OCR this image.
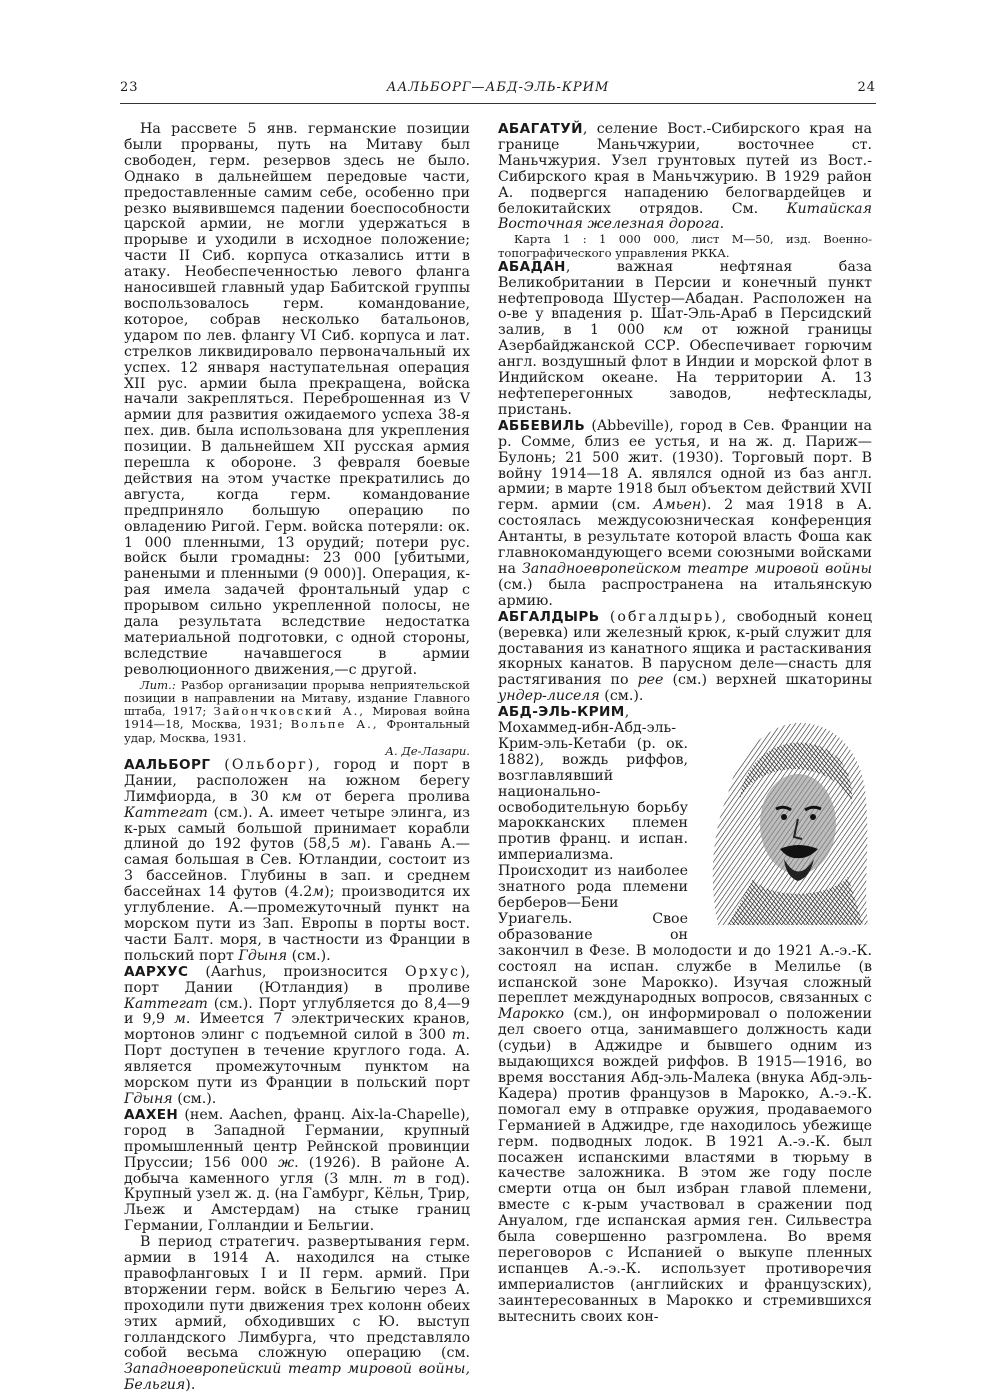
23	ААЛЬБОРГ—АБД-ЭЛЬ-КРИМ	24

На рассвете 5 янв. германские позиции были прорваны, путь на Митаву был свободен, герм. резервов здесь не было. Однако в дальнейшем передовые части, предоставленные самим себе, особенно при резко выявившемся падении боеспособности царской армии, не могли удержаться в прорыве и уходили в исходное положение; части II Сиб. корпуса отказались итти в атаку. Необеспеченностью левого фланга наносившей главный удар Бабитской группы воспользовалось герм. командование, которое, собрав несколько батальонов, ударом по лев. флангу VI Сиб. корпуса и лат. стрелков ликвидировало первоначальный их успех. 12 января наступательная операция XII рус. армии была прекращена, войска начали закрепляться. Переброшенная из V армии для развития ожидаемого успеха 38-я пех. див. была использована для укрепления позиции. В дальнейшем XII русская армия перешла к обороне. 3 февраля боевые действия на этом участке прекратились до августа, когда герм. командование предприняло большую операцию по овладению Ригой. Герм. войска потеряли: ок. 1 000 пленными, 13 орудий; потери рус. войск были громадны: 23 000 [убитыми, ранеными и пленными (9 000)]. Операция, к-рая имела задачей фронтальный удар с прорывом сильно укрепленной полосы, не дала результата вследствие недостатка материальной подготовки, с одной стороны, вследствие начавшегося в армии революционного движения,—с другой.

Лит.: Разбор организации прорыва неприятельской позиции в направлении на Митаву, издание Главного штаба, 1917; Зайончковский А., Мировая война 1914—18, Москва, 1931; Вольпе А., Фронтальный удар, Москва, 1931.

А. Де-Лазари.

ААЛЬБОРГ (Ольборг), город и порт в Дании, расположен на южном берегу Лимфиорда, в 30 км от берега пролива Каттегат (см.). А. имеет четыре элинга, из к-рых самый большой принимает корабли длиной до 192 футов (58,5 м). Гавань А.—самая большая в Сев. Ютландии, состоит из 3 бассейнов. Глубины в зап. и среднем бассейнах 14 футов (4.2м); производится их углубление. А.—промежуточный пункт на морском пути из Зап. Европы в порты вост. части Балт. моря, в частности из Франции в польский порт Гдыня (см.).

ААРХУС (Aarhus, произносится Орхус), порт Дании (Ютландия) в проливе Каттегат (см.). Порт углубляется до 8,4—9 и 9,9 м. Имеется 7 электрических кранов, мортонов элинг с подъемной силой в 300 т. Порт доступен в течение круглого года. А. является промежуточным пунктом на морском пути из Франции в польский порт Гдыня (см.).

ААХЕН (нем. Aachen, франц. Aix-la-Chapelle), город в Западной Германии, крупный промышленный центр Рейнской провинции Пруссии; 156 000 ж. (1926). В районе А. добыча каменного угля (3 млн. т в год). Крупный узел ж. д. (на Гамбург, Кёльн, Трир, Льеж и Амстердам) на стыке границ Германии, Голландии и Бельгии.

В период стратегич. развертывания герм. армии в 1914 А. находился на стыке правофланговых I и II герм. армий. При вторжении герм. войск в Бельгию через А. проходили пути движения трех колонн обеих этих армий, обходивших с Ю. выступ голландского Лимбурга, что представляло собой весьма сложную операцию (см. Западноевропейский театр мировой войны, Бельгия).

АБАГАТУЙ, селение Вост.-Сибирского края на границе Маньчжурии, восточнее ст. Маньчжурия. Узел грунтовых путей из Вост.-Сибирского края в Маньчжурию. В 1929 район А. подвергся нападению белогвардейцев и белокитайских отрядов. См. Китайская Восточная железная дорога.

Карта 1 : 1 000 000, лист М—50, изд. Военно-топографического управления РККА.

АБАДАН, важная нефтяная база Великобритании в Персии и конечный пункт нефтепровода Шустер—Абадан. Расположен на о-ве у впадения р. Шат-Эль-Араб в Персидский залив, в 1 000 км от южной границы Азербайджанской ССР. Обеспечивает горючим англ. воздушный флот в Индии и морской флот в Индийском океане. На территории А. 13 нефтеперегонных заводов, нефтесклады, пристань.

АББЕВИЛЬ (Abbeville), город в Сев. Франции на р. Сомме, близ ее устья, и на ж. д. Париж—Булонь; 21 500 жит. (1930). Торговый порт. В войну 1914—18 А. являлся одной из баз англ. армии; в марте 1918 был объектом действий XVII герм. армии (см. Амьен). 2 мая 1918 в А. состоялась междусоюзническая конференция Антанты, в результате которой власть Фоша как главнокомандующего всеми союзными войсками на Западноевропейском театре мировой войны (см.) была распространена на итальянскую армию.

АБГАЛДЫРЬ (обгалдырь), свободный конец (веревка) или железный крюк, к-рый служит для доставания из канатного ящика и растаскивания якорных канатов. В парусном деле—снасть для растягивания по рее (см.) верхней шкаторины ундер-лиселя (см.).

АБД-ЭЛЬ-КРИМ, Мохаммед-ибн-Абд-эль-Крим-эль-Кетаби (р. ок. 1882), вождь риффов, возглавлявший национально-освободительную борьбу марокканских племен против франц. и испан. империализма. Происходит из наиболее знатного рода племени берберов—Бени Уриагель. Свое образование он закончил в Фезе. В молодости и до 1921 А.-э.-К. состоял на испан. службе в Мелилье (в испанской зоне Марокко). Изучая сложный переплет международных вопросов, связанных с Марокко (см.), он информировал о положении дел своего отца, занимавшего должность кади (судьи) в Аджидре и бывшего одним из выдающихся вождей риффов. В 1915—1916, во время восстания Абд-эль-Малека (внука Абд-эль-Кадера) против французов в Марокко, А.-э.-К. помогал ему в отправке оружия, продаваемого Германией в Аджидре, где находилось убежище герм. подводных лодок. В 1921 А.-э.-К. был посажен испанскими властями в тюрьму в качестве заложника. В этом же году после смерти отца он был избран главой племени, вместе с к-рым участвовал в сражении под Ануалом, где испанская армия ген. Сильвестра была совершенно разгромлена. Во время переговоров с Испанией о выкупе пленных испанцев А.-э.-К. использует противоречия империалистов (английских и французских), заинтересованных в Марокко и стремившихся вытеснить своих кон-
